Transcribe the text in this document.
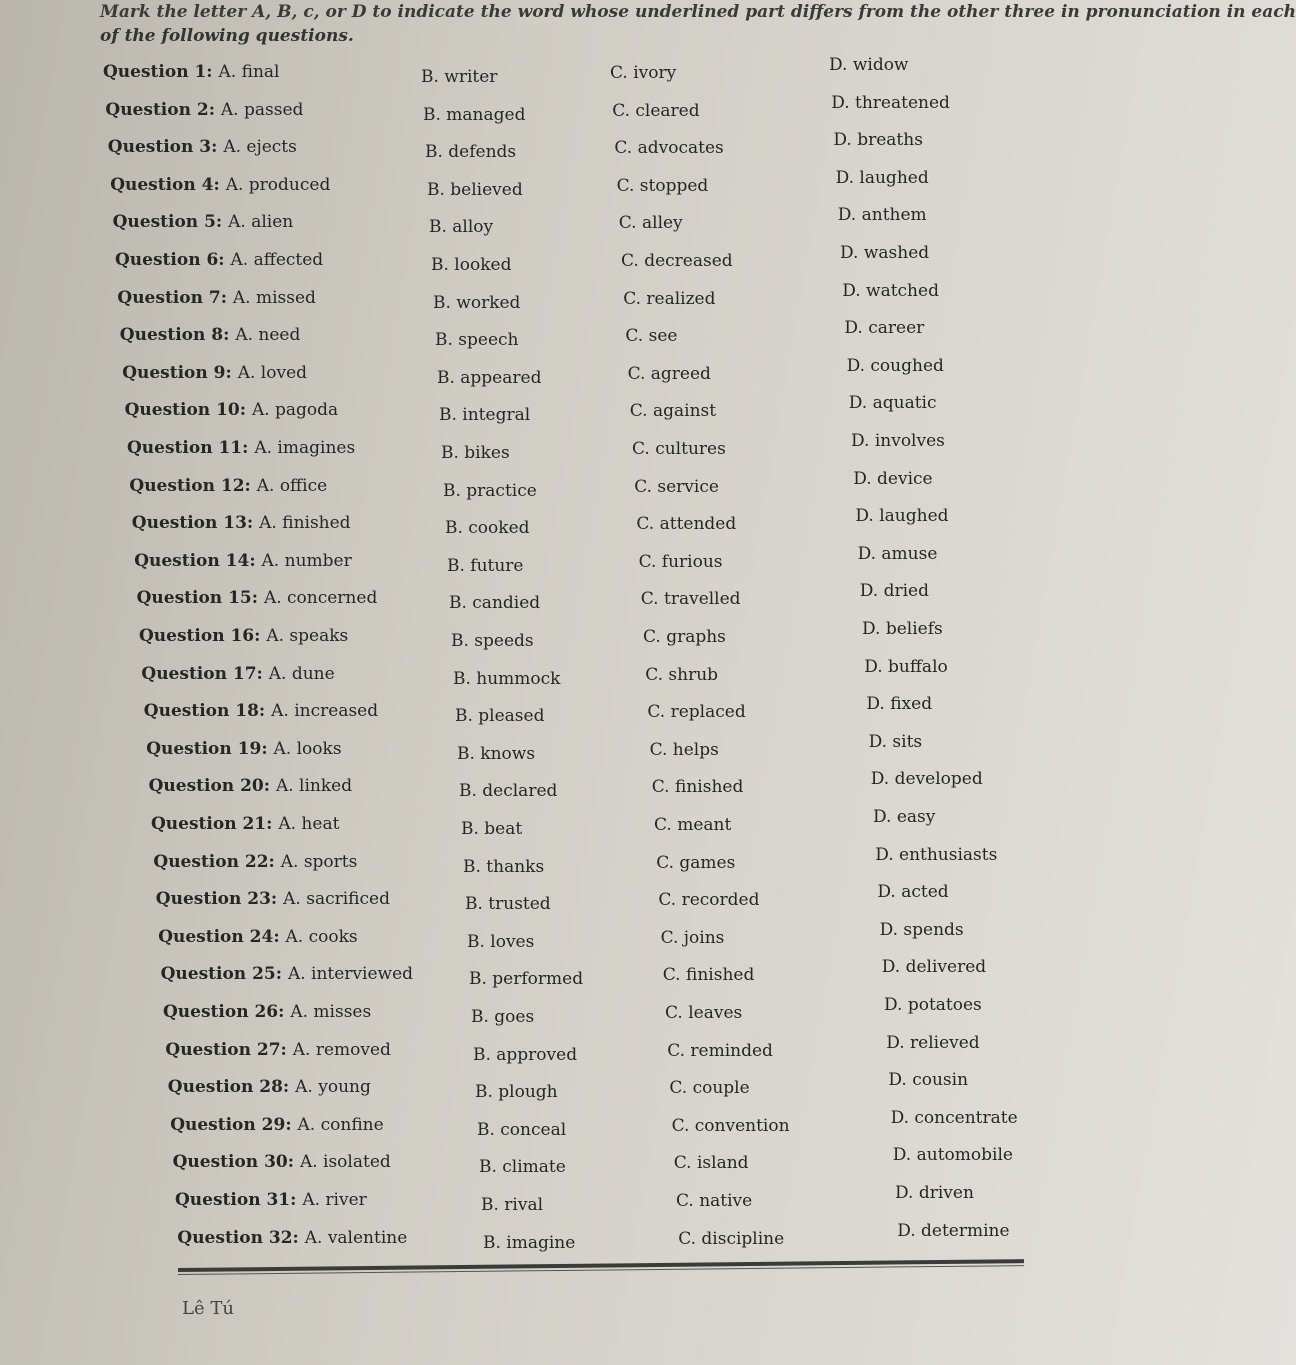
Mark the letter A, B, c, or D to indicate the word whose underlined part differs from the other three in pronunciation in each
of the following questions.
Question 1: A. final	B. writer	C. ivory	D. widow
Question 2: A. passed	B. managed	C. cleared	D. threatened
Question 3: A. ejects	B. defends	C. advocates	D. breaths
Question 4: A. produced	B. believed	C. stopped	D. laughed
Question 5: A. alien	B. alloy	C. alley	D. anthem
Question 6: A. affected	B. looked	C. decreased	D. washed
Question 7: A. missed	B. worked	C. realized	D. watched
Question 8: A. need	B. speech	C. see	D. career
Question 9: A. loved	B. appeared	C. agreed	D. coughed
Question 10: A. pagoda	B. integral	C. against	D. aquatic
Question 11: A. imagines	B. bikes	C. cultures	D. involves
Question 12: A. office	B. practice	C. service	D. device
Question 13: A. finished	B. cooked	C. attended	D. laughed
Question 14: A. number	B. future	C. furious	D. amuse
Question 15: A. concerned	B. candied	C. travelled	D. dried
Question 16: A. speaks	B. speeds	C. graphs	D. beliefs
Question 17: A. dune	B. hummock	C. shrub	D. buffalo
Question 18: A. increased	B. pleased	C. replaced	D. fixed
Question 19: A. looks	B. knows	C. helps	D. sits
Question 20: A. linked	B. declared	C. finished	D. developed
Question 21: A. heat	B. beat	C. meant	D. easy
Question 22: A. sports	B. thanks	C. games	D. enthusiasts
Question 23: A. sacrificed	B. trusted	C. recorded	D. acted
Question 24: A. cooks	B. loves	C. joins	D. spends
Question 25: A. interviewed	B. performed	C. finished	D. delivered
Question 26: A. misses	B. goes	C. leaves	D. potatoes
Question 27: A. removed	B. approved	C. reminded	D. relieved
Question 28: A. young	B. plough	C. couple	D. cousin
Question 29: A. confine	B. conceal	C. convention	D. concentrate
Question 30: A. isolated	B. climate	C. island	D. automobile
Question 31: A. river	B. rival	C. native	D. driven
Question 32: A. valentine	B. imagine	C. discipline	D. determine
Lê Tú
